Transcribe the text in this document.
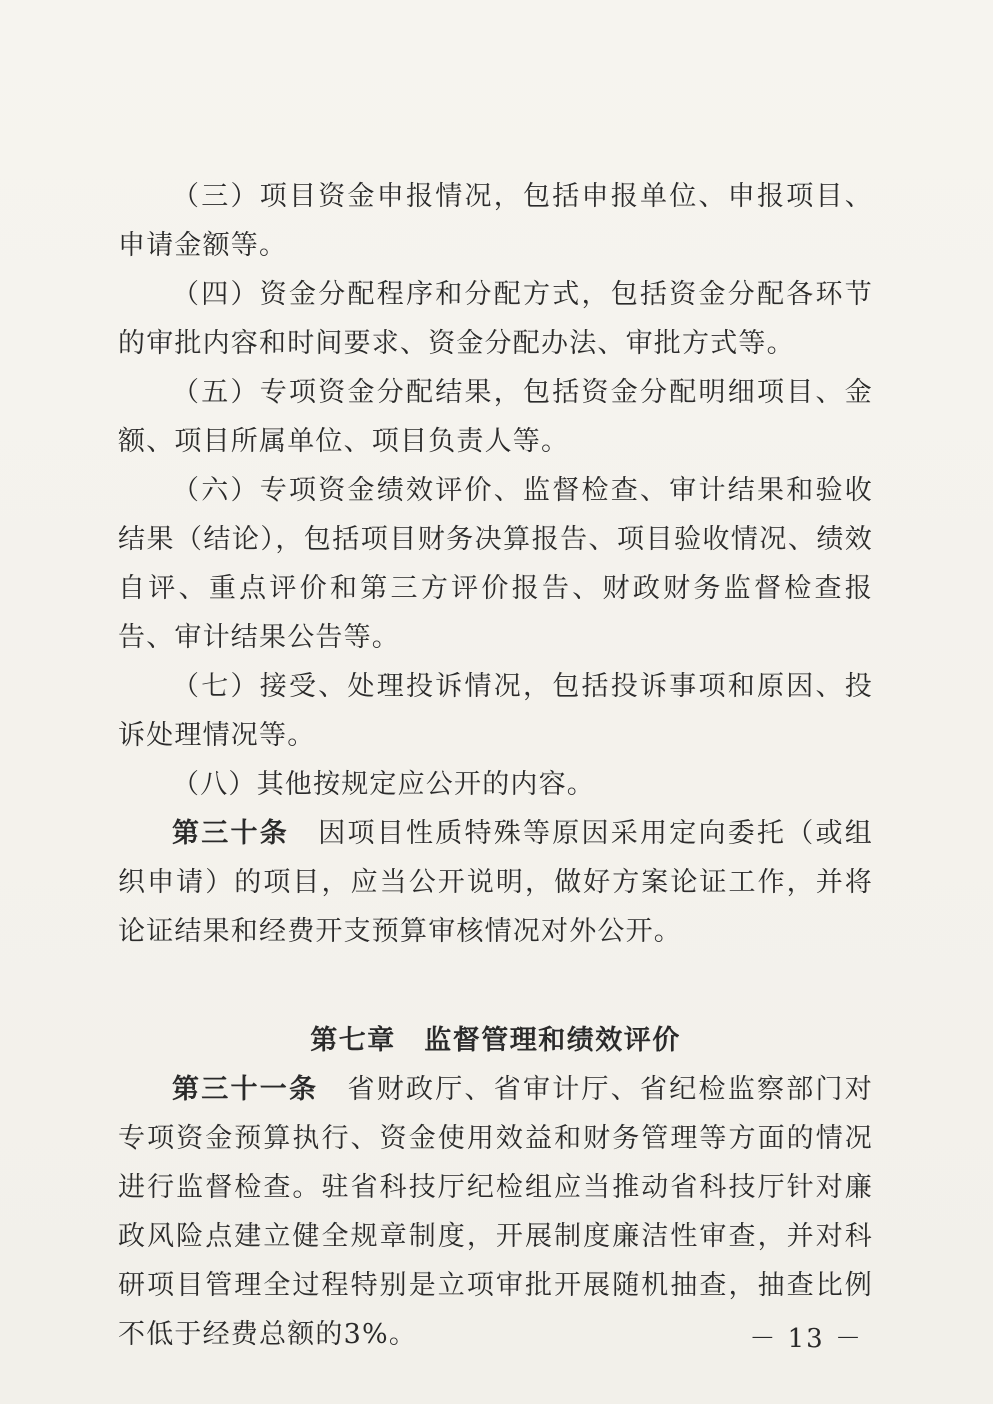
（三）项目资金申报情况，包括申报单位、申报项目、申请金额等。

（四）资金分配程序和分配方式，包括资金分配各环节的审批内容和时间要求、资金分配办法、审批方式等。

（五）专项资金分配结果，包括资金分配明细项目、金额、项目所属单位、项目负责人等。

（六）专项资金绩效评价、监督检查、审计结果和验收结果（结论），包括项目财务决算报告、项目验收情况、绩效自评、重点评价和第三方评价报告、财政财务监督检查报告、审计结果公告等。

（七）接受、处理投诉情况，包括投诉事项和原因、投诉处理情况等。

（八）其他按规定应公开的内容。

第三十条　 因项目性质特殊等原因采用定向委托（或组织申请）的项目，应当公开说明，做好方案论证工作，并将论证结果和经费开支预算审核情况对外公开。

第七章　监督管理和绩效评价

第三十一条　 省财政厅、省审计厅、省纪检监察部门对专项资金预算执行、资金使用效益和财务管理等方面的情况进行监督检查。驻省科技厅纪检组应当推动省科技厅针对廉政风险点建立健全规章制度，开展制度廉洁性审查，并对科研项目管理全过程特别是立项审批开展随机抽查，抽查比例不低于经费总额的3%。	－ 13 －
